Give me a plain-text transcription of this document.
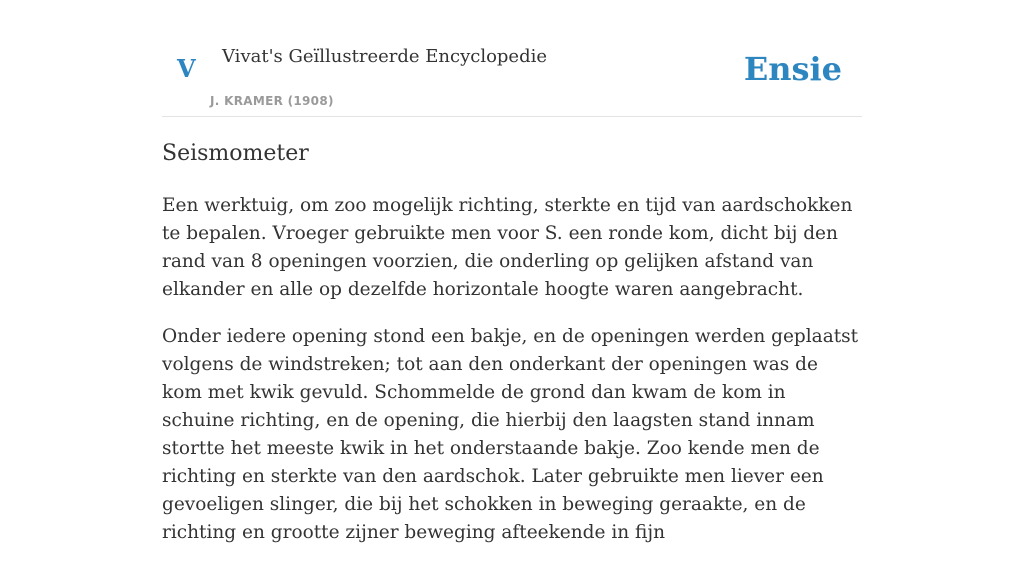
V Vivat's Geïllustreerde Encyclopedie
J. KRAMER (1908)
Ensie
Seismometer

Een werktuig, om zoo mogelijk richting, sterkte en tijd van aardschokken te bepalen. Vroeger gebruikte men voor S. een ronde kom, dicht bij den rand van 8 openingen voorzien, die onderling op gelijken afstand van elkander en alle op dezelfde horizontale hoogte waren aangebracht.

Onder iedere opening stond een bakje, en de openingen werden geplaatst volgens de windstreken; tot aan den onderkant der openingen was de kom met kwik gevuld. Schommelde de grond dan kwam de kom in schuine richting, en de opening, die hierbij den laagsten stand innam stortte het meeste kwik in het onderstaande bakje. Zoo kende men de richting en sterkte van den aardschok. Later gebruikte men liever een gevoeligen slinger, die bij het schokken in beweging geraakte, en de richting en grootte zijner beweging afteekende in fijn
